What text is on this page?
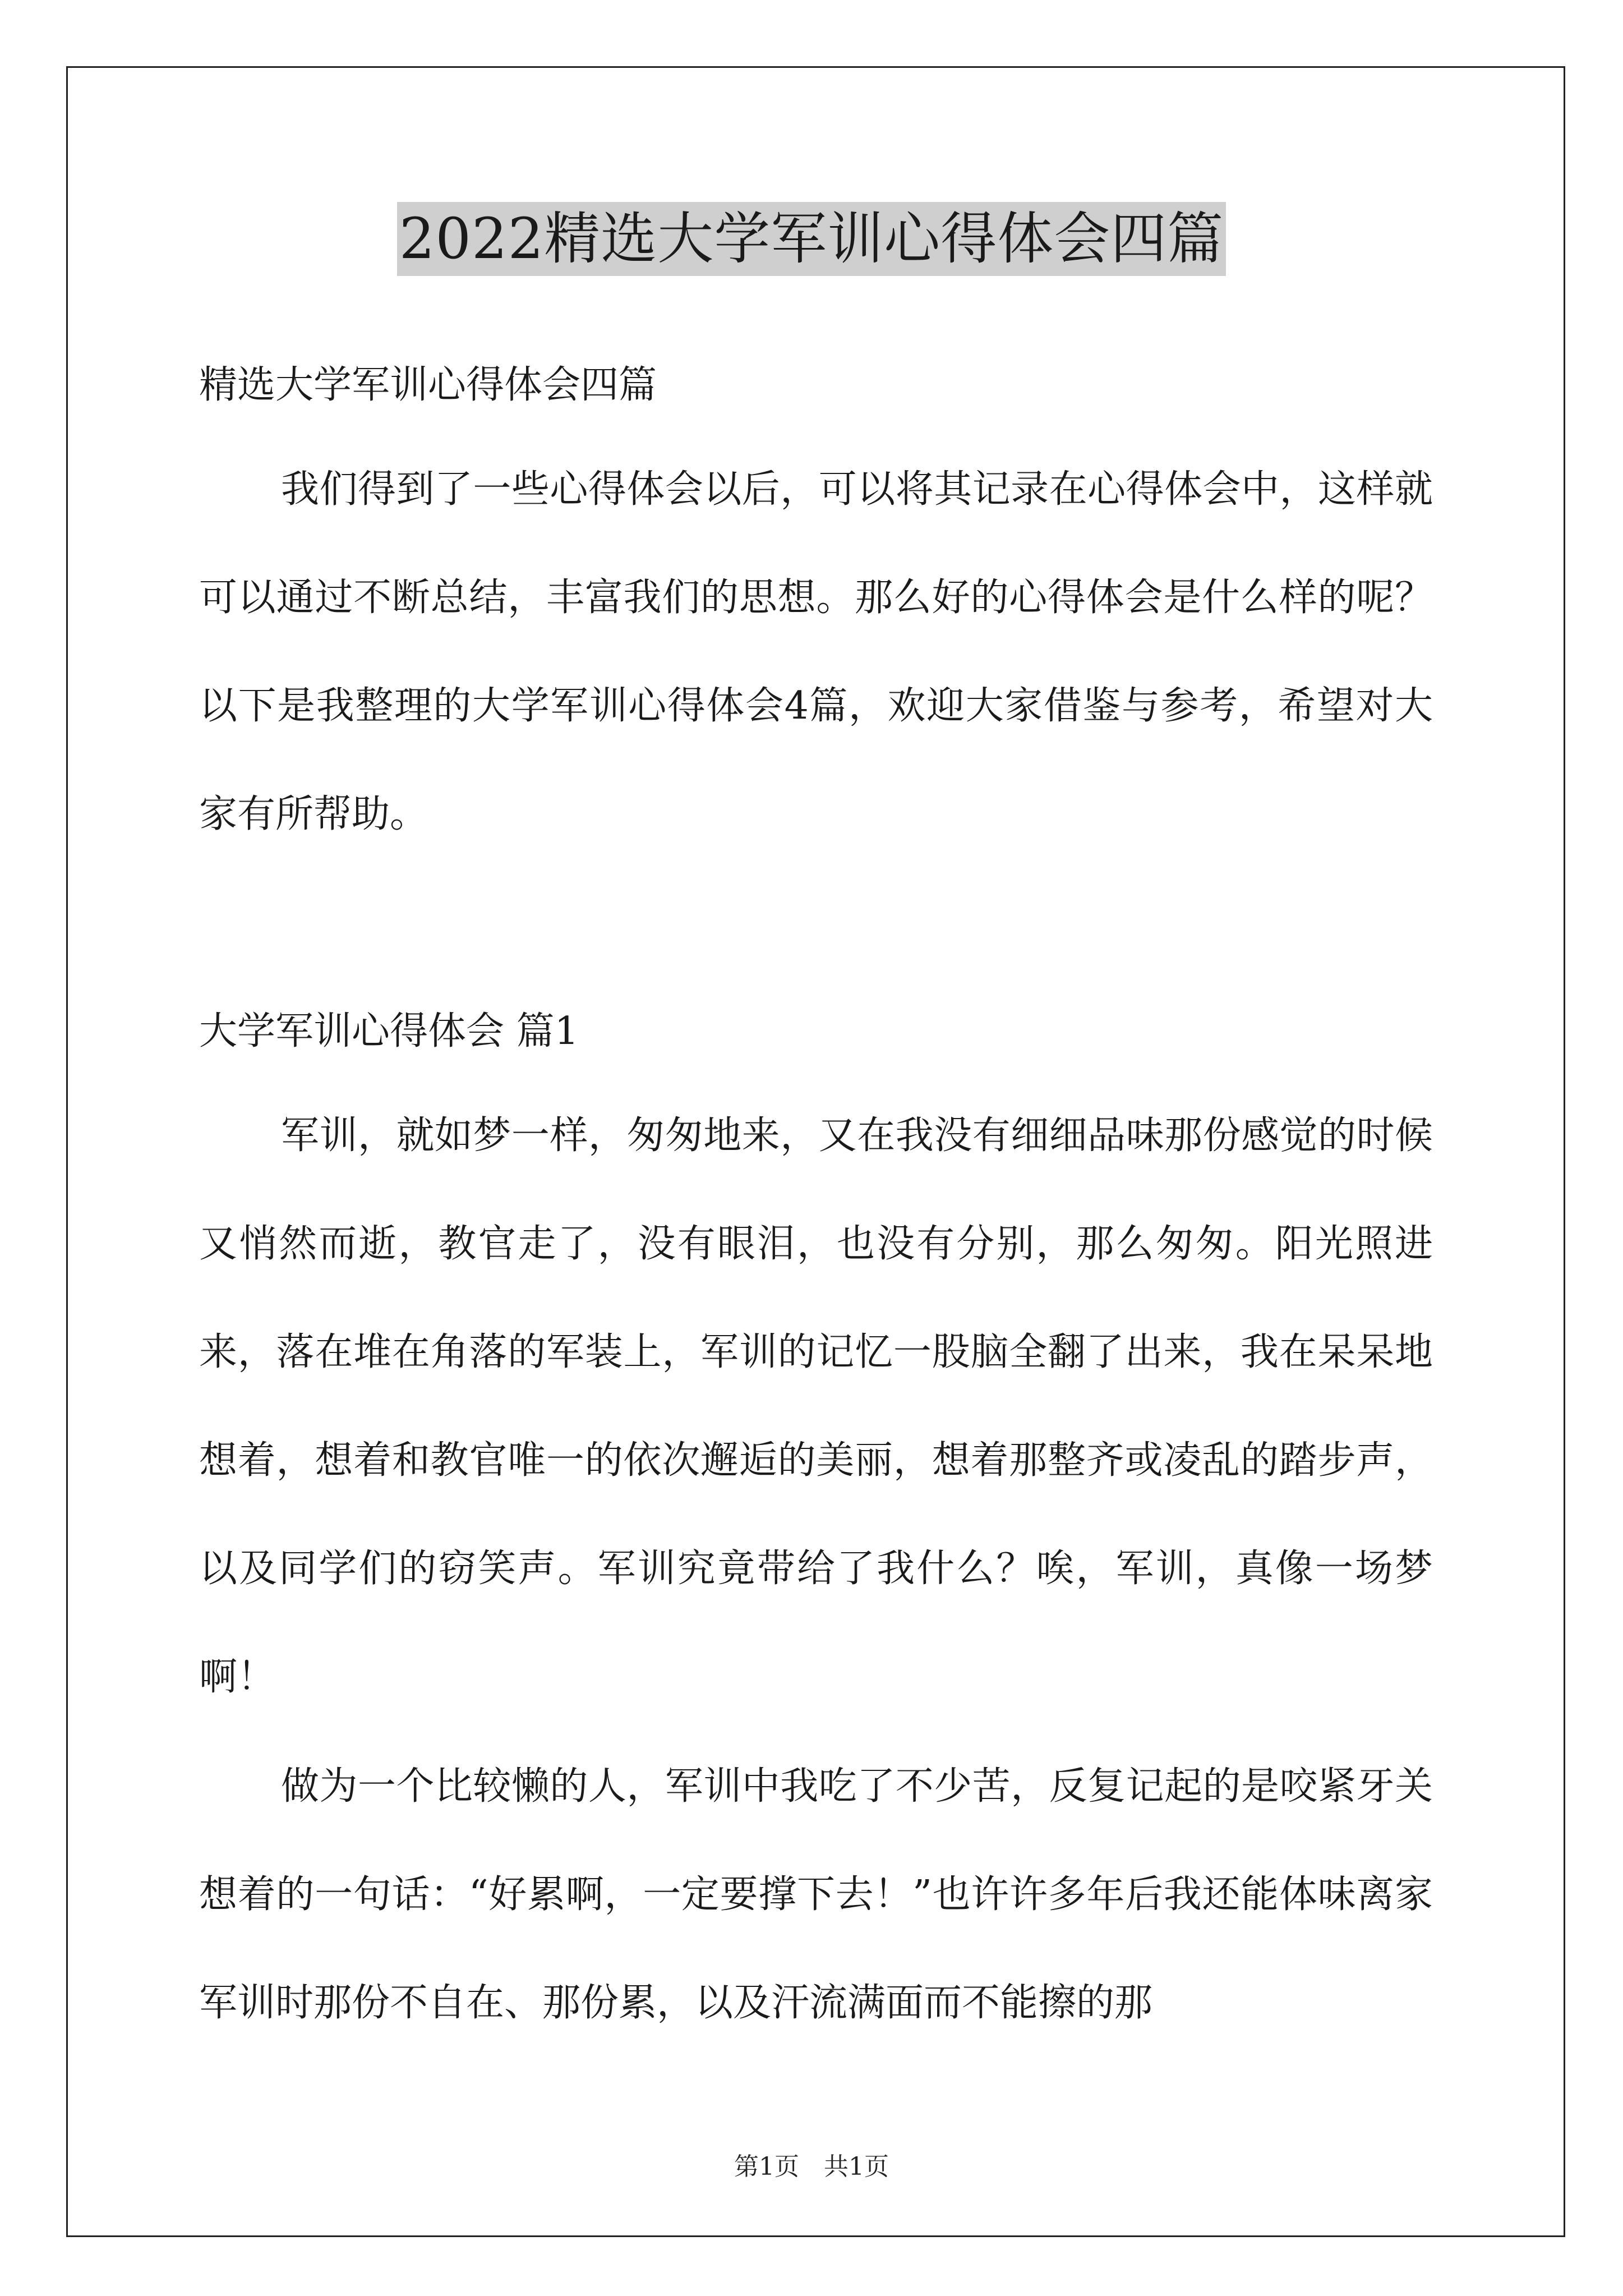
2022精选大学军训心得体会四篇
精选大学军训心得体会四篇
我们得到了一些心得体会以后，可以将其记录在心得体会中，这样就可以通过不断总结，丰富我们的思想。那么好的心得体会是什么样的呢？以下是我整理的大学军训心得体会4篇，欢迎大家借鉴与参考，希望对大家有所帮助。
大学军训心得体会 篇1
军训，就如梦一样，匆匆地来，又在我没有细细品味那份感觉的时候又悄然而逝，教官走了，没有眼泪，也没有分别，那么匆匆。阳光照进来，落在堆在角落的军装上，军训的记忆一股脑全翻了出来，我在呆呆地想着，想着和教官唯一的依次邂逅的美丽，想着那整齐或凌乱的踏步声，以及同学们的窃笑声。军训究竟带给了我什么？唉，军训，真像一场梦啊！
做为一个比较懒的人，军训中我吃了不少苦，反复记起的是咬紧牙关想着的一句话：“好累啊，一定要撑下去！”也许许多年后我还能体味离家军训时那份不自在、那份累，以及汗流满面而不能擦的那
第1页　共1页
